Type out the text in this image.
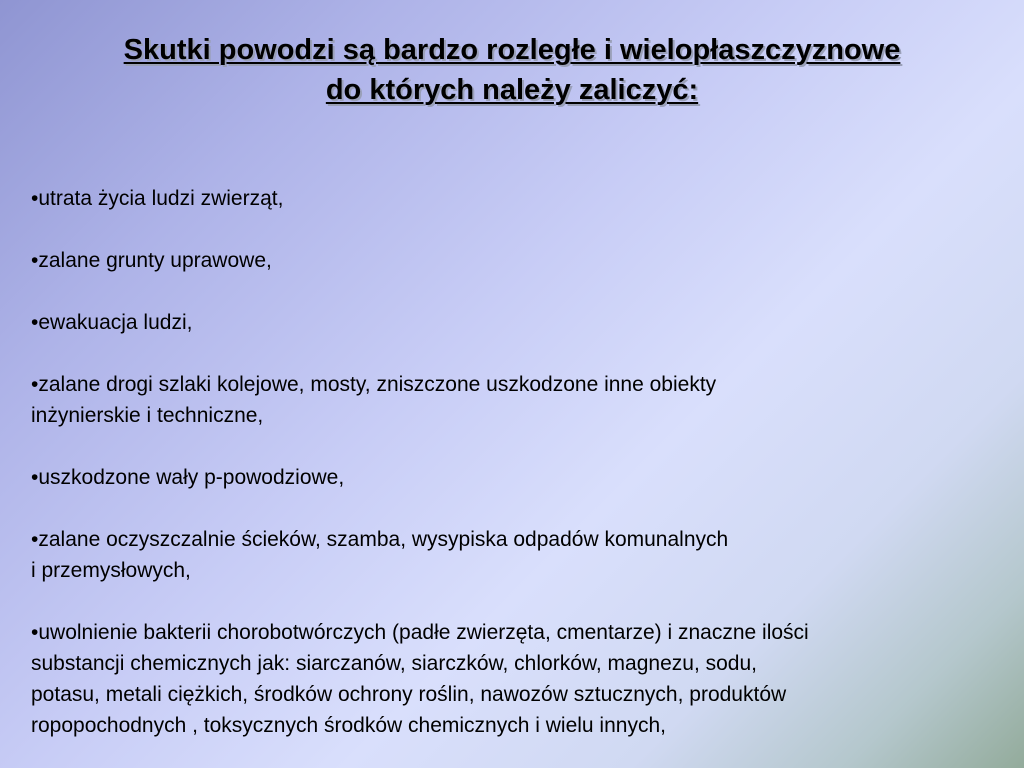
Skutki powodzi są bardzo rozległe i wielopłaszczyznowe
do których należy zaliczyć:
•utrata życia ludzi zwierząt,
•zalane grunty uprawowe,
•ewakuacja ludzi,
•zalane drogi szlaki kolejowe, mosty, zniszczone uszkodzone inne obiekty
inżynierskie i techniczne,
•uszkodzone wały p-powodziowe,
•zalane oczyszczalnie ścieków, szamba, wysypiska odpadów komunalnych
i przemysłowych,
•uwolnienie bakterii chorobotwórczych (padłe zwierzęta, cmentarze) i znaczne ilości
substancji chemicznych jak: siarczanów, siarczków, chlorków, magnezu, sodu,
potasu, metali ciężkich, środków ochrony roślin, nawozów sztucznych, produktów
ropopochodnych , toksycznych środków chemicznych i wielu innych,
